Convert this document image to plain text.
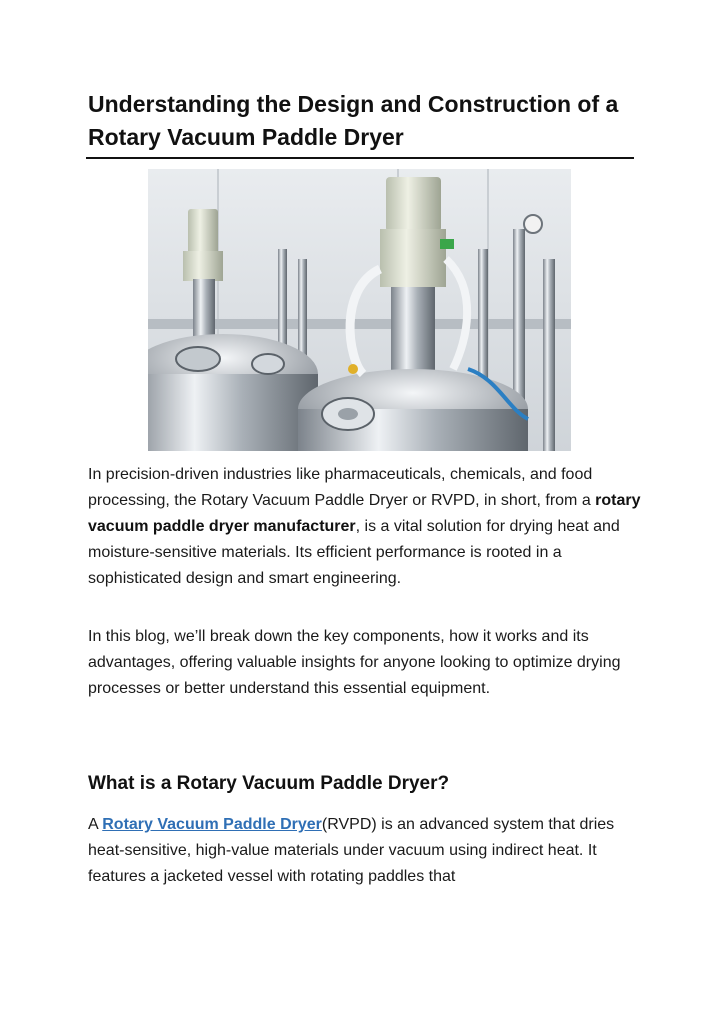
Understanding the Design and Construction of a
Rotary Vacuum Paddle Dryer

In precision-driven industries like pharmaceuticals, chemicals, and food processing, the Rotary Vacuum Paddle Dryer or RVPD, in short, from a rotary vacuum paddle dryer manufacturer, is a vital solution for drying heat and moisture-sensitive materials. Its efficient performance is rooted in a sophisticated design and smart engineering.

In this blog, we’ll break down the key components, how it works and its advantages, offering valuable insights for anyone looking to optimize drying processes or better understand this essential equipment.

What is a Rotary Vacuum Paddle Dryer?

A Rotary Vacuum Paddle Dryer(RVPD) is an advanced system that dries heat-sensitive, high-value materials under vacuum using indirect heat. It features a jacketed vessel with rotating paddles that
